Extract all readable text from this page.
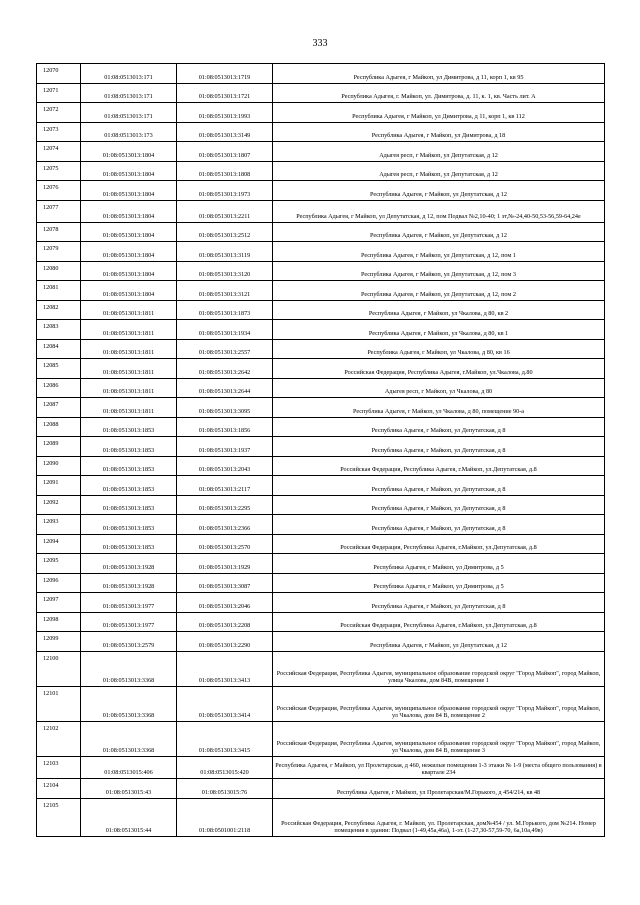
333
12070	01:08:0513013:171	01:08:0513013:1719	Республика Адыгея, г Майкоп, ул Димитрова, д 11, корп 1, кв 95
12071	01:08:0513013:171	01:08:0513013:1721	Республика Адыгея, г. Майкоп, ул. Димитрова, д. 11, к. 1, кв. Часть лит. А
12072	01:08:0513013:171	01:08:0513013:1993	Республика Адыгея, г Майкоп, ул Димитрова, д 11, корп 1, кв 112
12073	01:08:0513013:173	01:08:0513013:3149	Республика Адыгея, г Майкоп, ул Димитрова, д 18
12074	01:08:0513013:1804	01:08:0513013:1807	Адыгея респ, г Майкоп, ул Депутатская, д 12
12075	01:08:0513013:1804	01:08:0513013:1808	Адыгея респ, г Майкоп, ул Депутатская, д 12
12076	01:08:0513013:1804	01:08:0513013:1973	Республика Адыгея, г Майкоп, ул Депутатская, д 12
12077	01:08:0513013:1804	01:08:0513013:2211	Республика Адыгея, г Майкоп, ул Депутатская, д 12, пом Подвал №2,10-40; 1 эт,№-24,40-50,53-56,59-64,24е
12078	01:08:0513013:1804	01:08:0513013:2512	Республика Адыгея, г Майкоп, ул Депутатская, д 12
12079	01:08:0513013:1804	01:08:0513013:3119	Республика Адыгея, г Майкоп, ул Депутатская, д 12, пом 1
12080	01:08:0513013:1804	01:08:0513013:3120	Республика Адыгея, г Майкоп, ул Депутатская, д 12, пом 3
12081	01:08:0513013:1804	01:08:0513013:3121	Республика Адыгея, г Майкоп, ул Депутатская, д 12, пом 2
12082	01:08:0513013:1811	01:08:0513013:1873	Республика Адыгея, г Майкоп, ул Чкалова, д 80, кв 2
12083	01:08:0513013:1811	01:08:0513013:1934	Республика Адыгея, г Майкоп, ул Чкалова, д 80, кв 1
12084	01:08:0513013:1811	01:08:0513013:2557	Республика Адыгея, г Майкоп, ул Чкалова, д 80, кв 16
12085	01:08:0513013:1811	01:08:0513013:2642	Российская Федерация, Республика Адыгея, г.Майкоп, ул.Чкалова, д.80
12086	01:08:0513013:1811	01:08:0513013:2644	Адыгея респ, г Майкоп, ул Чкалова, д 80
12087	01:08:0513013:1811	01:08:0513013:3095	Республика Адыгея, г Майкоп, ул Чкалова, д 80, помещение 90-а
12088	01:08:0513013:1853	01:08:0513013:1856	Республика Адыгея, г Майкоп, ул Депутатская, д 8
12089	01:08:0513013:1853	01:08:0513013:1937	Республика Адыгея, г Майкоп, ул Депутатская, д 8
12090	01:08:0513013:1853	01:08:0513013:2043	Российская Федерация, Республика Адыгея, г.Майкоп, ул.Депутатская, д.8
12091	01:08:0513013:1853	01:08:0513013:2117	Республика Адыгея, г Майкоп, ул Депутатская, д 8
12092	01:08:0513013:1853	01:08:0513013:2295	Республика Адыгея, г Майкоп, ул Депутатская, д 8
12093	01:08:0513013:1853	01:08:0513013:2366	Республика Адыгея, г Майкоп, ул Депутатская, д 8
12094	01:08:0513013:1853	01:08:0513013:2570	Российская Федерация, Республика Адыгея, г.Майкоп, ул.Депутатская, д.8
12095	01:08:0513013:1928	01:08:0513013:1929	Республика Адыгея, г Майкоп, ул Димитрова, д 5
12096	01:08:0513013:1928	01:08:0513013:3087	Республика Адыгея, г Майкоп, ул Димитрова, д 5
12097	01:08:0513013:1977	01:08:0513013:2046	Республика Адыгея, г Майкоп, ул Депутатская, д 8
12098	01:08:0513013:1977	01:08:0513013:2208	Российская Федерация, Республика Адыгея, г.Майкоп, ул.Депутатская, д.8
12099	01:08:0513013:2579	01:08:0513013:2290	Республика Адыгея, г Майкоп, ул Депутатская, д 12
12100	01:08:0513013:3368	01:08:0513013:3413	Российская Федерация, Республика Адыгея, муниципальное образование городской округ "Город Майкоп", город Майкоп, улица Чкалова, дом 84В, помещение 1
12101	01:08:0513013:3368	01:08:0513013:3414	Российская Федерация, Республика Адыгея, муниципальное образование городской округ "Город Майкоп", город Майкоп, ул Чкалова, дом 84 В, помещение 2
12102	01:08:0513013:3368	01:08:0513013:3415	Российская Федерация, Республика Адыгея, муниципальное образование городской округ "Город Майкоп", город Майкоп, ул Чкалова, дом 84 В, помещение 3
12103	01:08:0513015:406	01:08:0513015:420	Республика Адыгея, г Майкоп, ул Пролетарская, д 460, нежилые помещения 1-3 этажи № 1-9 (места общего пользования) в квартале 234
12104	01:08:0513015:43	01:08:0513015:76	Республика Адыгея, г Майкоп, ул Пролетарская/М.Горького, д 454/214, кв 48
12105	01:08:0513015:44	01:08:0501001:2118	Российская Федерация, Республика Адыгея, г. Майкоп, ул. Пролетарская, дом№454 / ул. М.Горького, дом №214. Номер помещения в здании: Подвал (1-49,45а,46а), 1-эт. (1-27,30-57,59-70, 6а,10а,49в)
